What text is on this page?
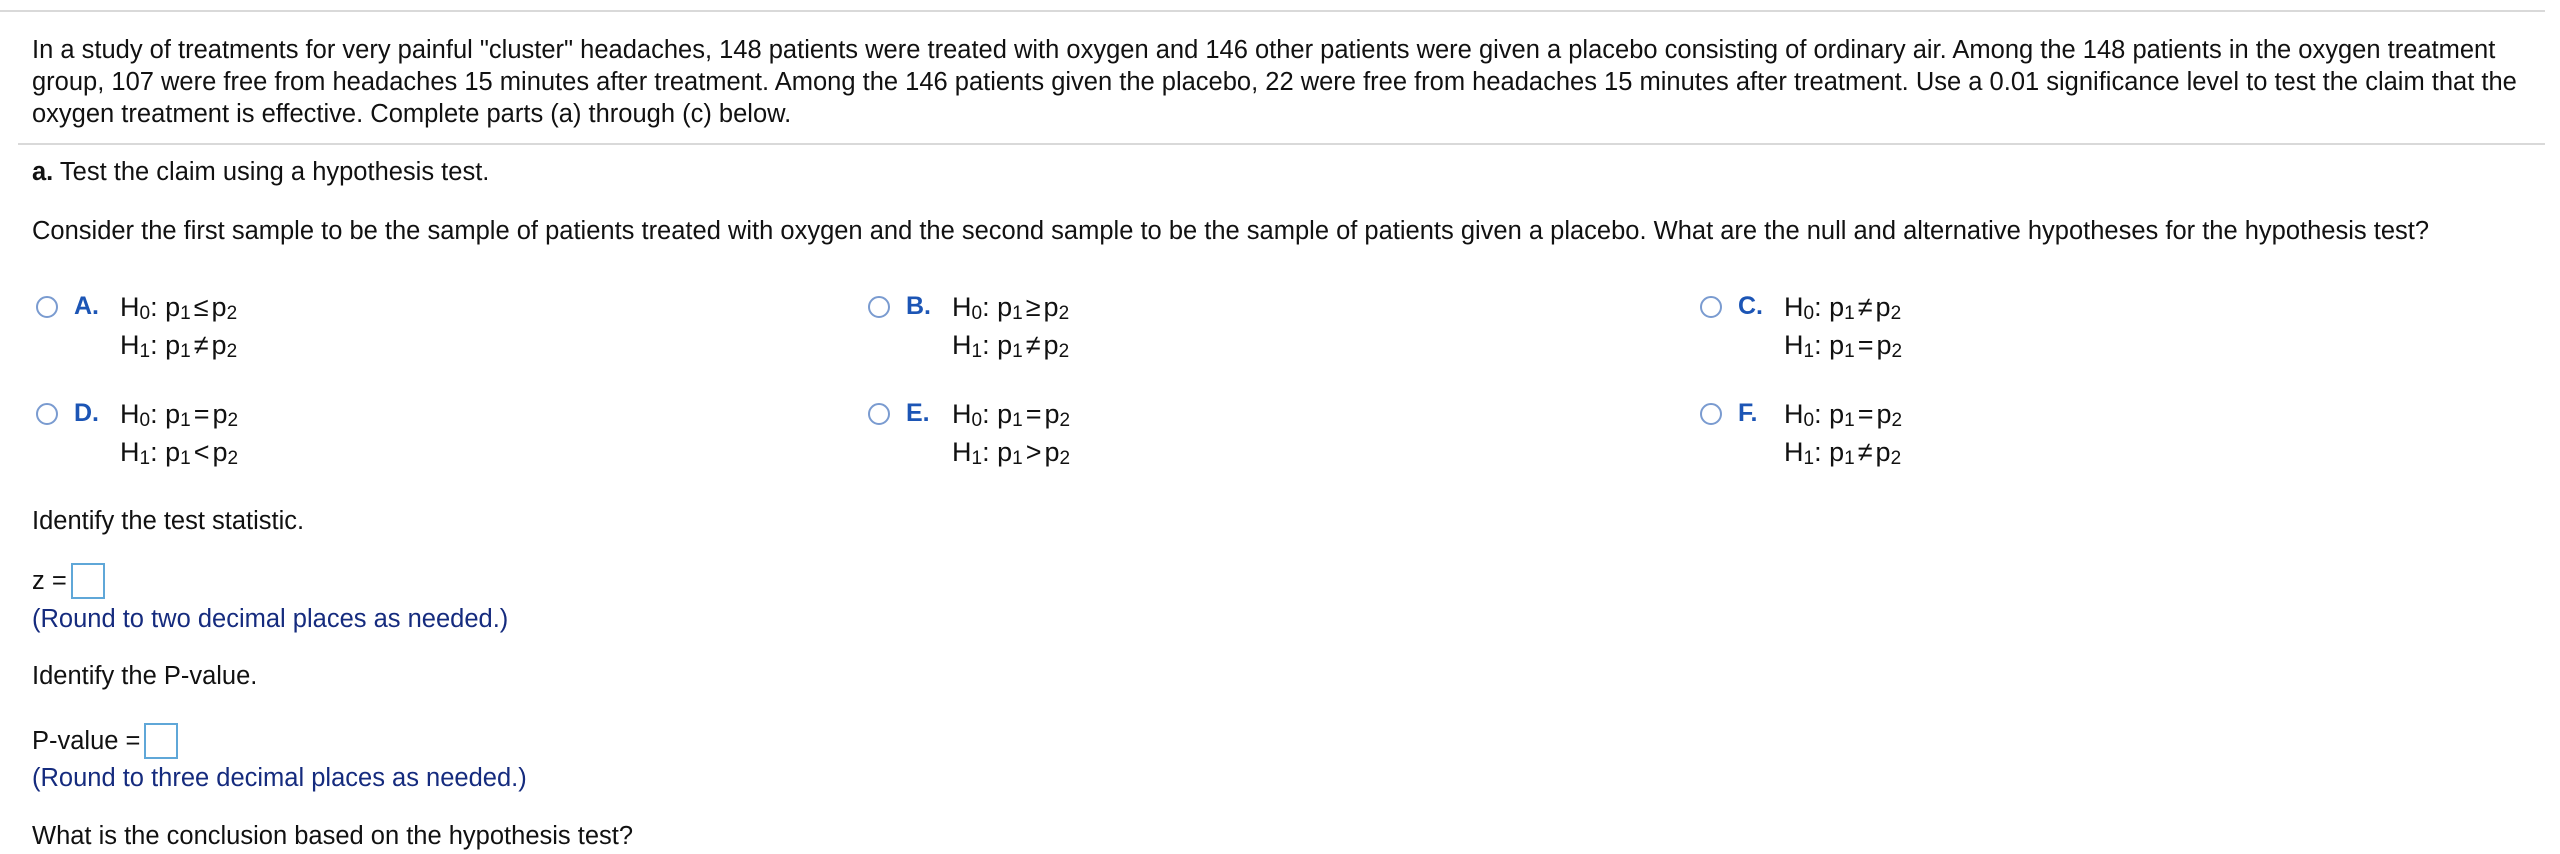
In a study of treatments for very painful "cluster" headaches, 148 patients were treated with oxygen and 146 other patients were given a placebo consisting of ordinary air. Among the 148 patients in the oxygen treatment group, 107 were free from headaches 15 minutes after treatment. Among the 146 patients given the placebo, 22 were free from headaches 15 minutes after treatment. Use a 0.01 significance level to test the claim that the oxygen treatment is effective. Complete parts (a) through (c) below.
a. Test the claim using a hypothesis test.
Consider the first sample to be the sample of patients treated with oxygen and the second sample to be the sample of patients given a placebo. What are the null and alternative hypotheses for the hypothesis test?
A. $H_0$: $p_1 \le p_2$
$H_1$: $p_1 \ne p_2$
B. $H_0$: $p_1 \ge p_2$
$H_1$: $p_1 \ne p_2$
C. $H_0$: $p_1 \ne p_2$
$H_1$: $p_1 = p_2$
D. $H_0$: $p_1 = p_2$
$H_1$: $p_1 < p_2$
E. $H_0$: $p_1 = p_2$
$H_1$: $p_1 > p_2$
F. $H_0$: $p_1 = p_2$
$H_1$: $p_1 \ne p_2$
Identify the test statistic.
z =
(Round to two decimal places as needed.)
Identify the P-value.
P-value =
(Round to three decimal places as needed.)
What is the conclusion based on the hypothesis test?
